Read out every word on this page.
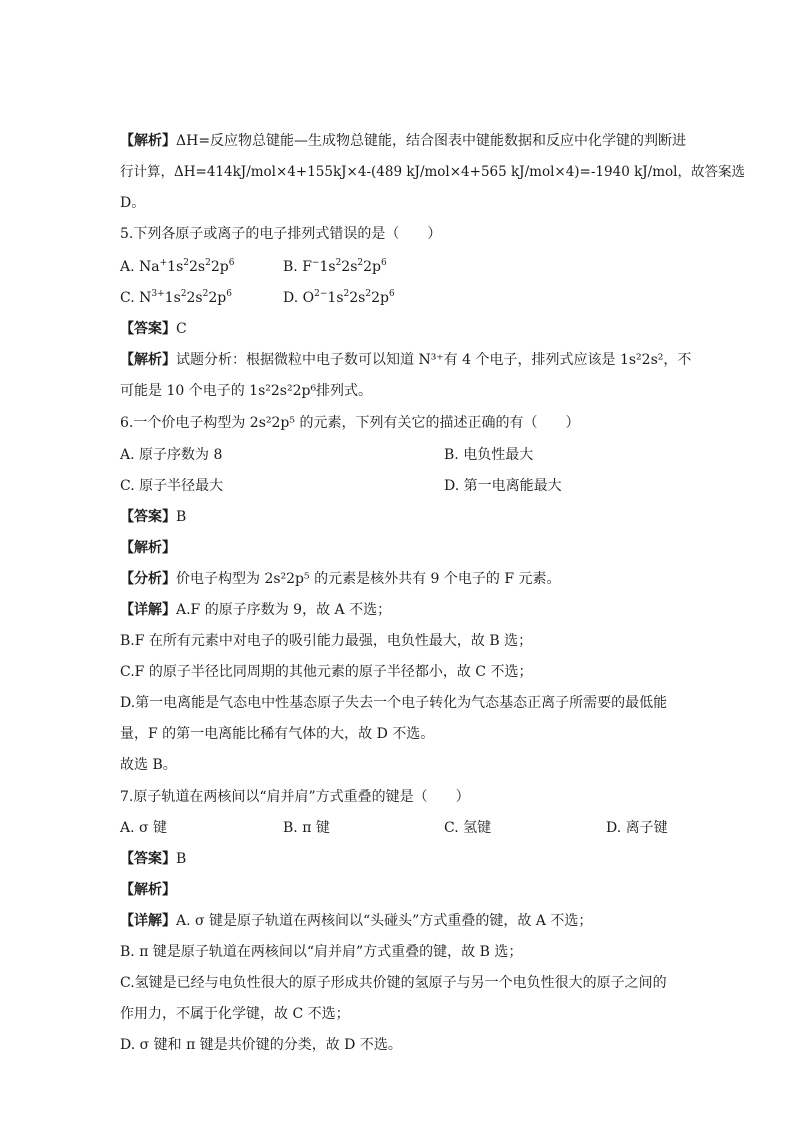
【解析】ΔH=反应物总键能—生成物总键能，结合图表中键能数据和反应中化学键的判断进
行计算，ΔH=414kJ/mol×4+155kJ×4-(489 kJ/mol×4+565 kJ/mol×4)=-1940 kJ/mol，故答案选
D。
5.下列各原子或离子的电子排列式错误的是（　　）
A. $Na^+1s^22s^22p^6$	B. $F^-1s^22s^22p^6$
C. $N^{3+}1s^22s^22p^6$	D. $O^{2-}1s^22s^22p^6$
【答案】C
【解析】试题分析：根据微粒中电子数可以知道 N³⁺有 4 个电子，排列式应该是 1s²2s²，不
可能是 10 个电子的 1s²2s²2p⁶排列式。
6.一个价电子构型为 2s²2p⁵ 的元素，下列有关它的描述正确的有（　　）
A. 原子序数为 8	B. 电负性最大
C. 原子半径最大	D. 第一电离能最大
【答案】B
【解析】
【分析】价电子构型为 2s²2p⁵ 的元素是核外共有 9 个电子的 F 元素。
【详解】A.F 的原子序数为 9，故 A 不选；
B.F 在所有元素中对电子的吸引能力最强，电负性最大，故 B 选；
C.F 的原子半径比同周期的其他元素的原子半径都小，故 C 不选；
D.第一电离能是气态电中性基态原子失去一个电子转化为气态基态正离子所需要的最低能
量，F 的第一电离能比稀有气体的大，故 D 不选。
故选 B。
7.原子轨道在两核间以“肩并肩”方式重叠的键是（　　）
A. σ 键	B. π 键	C. 氢键	D. 离子键
【答案】B
【解析】
【详解】A. σ 键是原子轨道在两核间以“头碰头”方式重叠的键，故 A 不选；
B. π 键是原子轨道在两核间以“肩并肩”方式重叠的键，故 B 选；
C.氢键是已经与电负性很大的原子形成共价键的氢原子与另一个电负性很大的原子之间的
作用力，不属于化学键，故 C 不选；
D. σ 键和 π 键是共价键的分类，故 D 不选。
